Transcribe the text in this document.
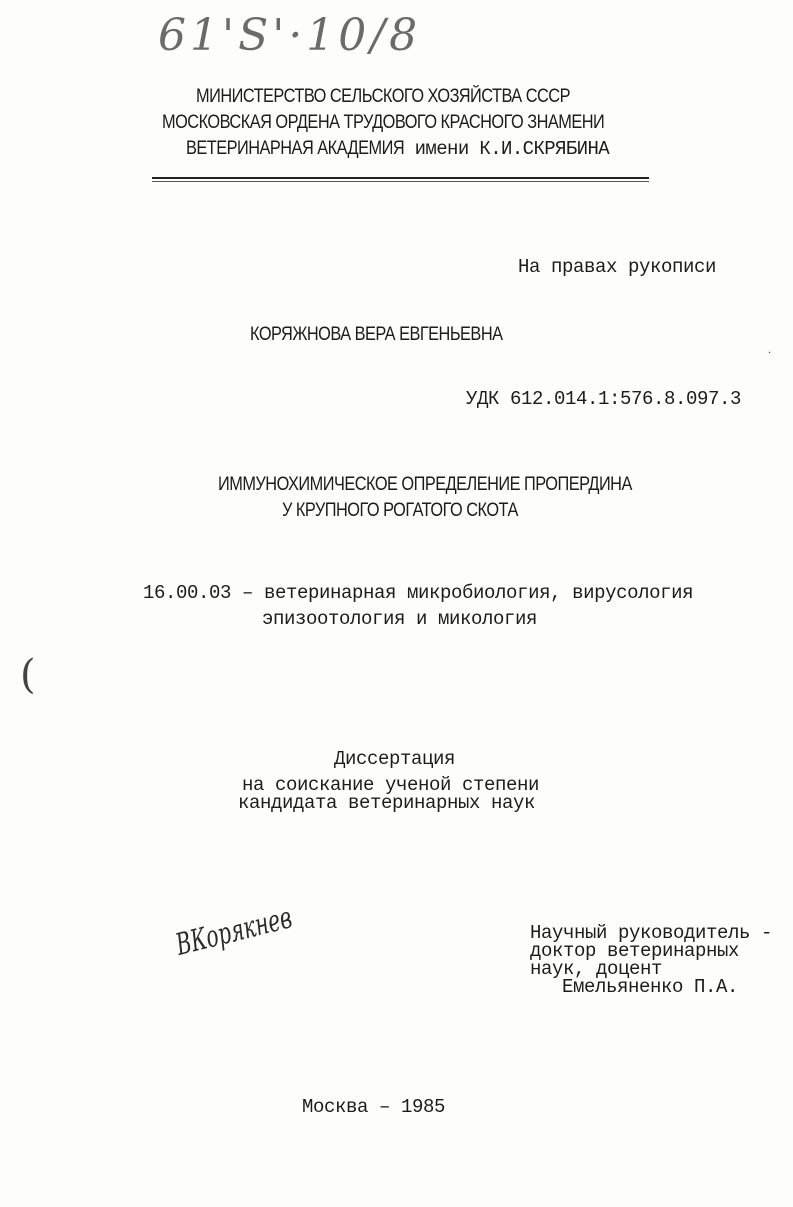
61'S'·10/8
МИНИСТЕРСТВО СЕЛЬСКОГО ХОЗЯЙСТВА СССР
МОСКОВСКАЯ ОРДЕНА ТРУДОВОГО КРАСНОГО ЗНАМЕНИ
ВЕТЕРИНАРНАЯ АКАДЕМИЯ имени К.И.СКРЯБИНА
На правах рукописи
КОРЯЖНОВА ВЕРА ЕВГЕНЬЕВНА
·
УДК 612.014.1:576.8.097.3
ИММУНОХИМИЧЕСКОЕ ОПРЕДЕЛЕНИЕ ПРОПЕРДИНА
У КРУПНОГО РОГАТОГО СКОТА
16.00.03 – ветеринарная микробиология, вирусология
эпизоотология и микология
(
Диссертация
на соискание ученой степени
кандидата ветеринарных наук
ВКорякнев	Научный руководитель -
доктор ветеринарных
наук, доцент
Емельяненко П.А.
Москва – 1985
